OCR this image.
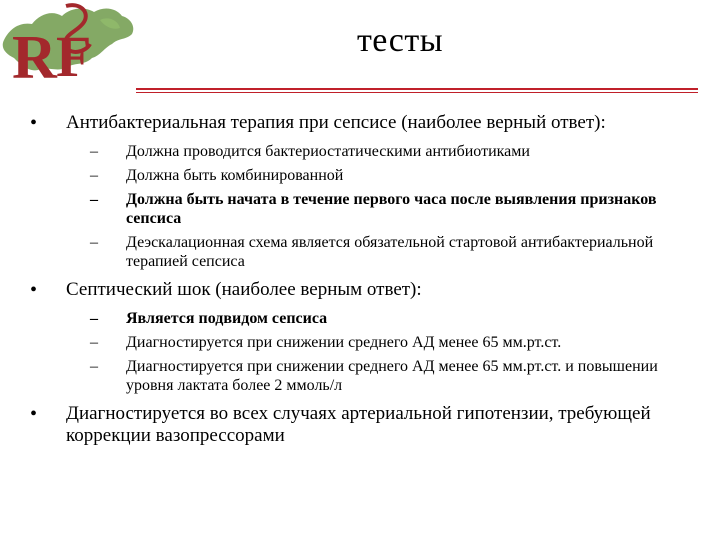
R F	тесты
• Антибактериальная терапия при сепсисе (наиболее верный ответ):
– Должна проводится бактериостатическими антибиотиками
– Должна быть комбинированной
– Должна быть начата в течение первого часа после выявления признаков сепсиса
– Деэскалационная схема является обязательной стартовой антибактериальной терапией сепсиса
• Септический шок (наиболее верным ответ):
– Является подвидом сепсиса
– Диагностируется при снижении среднего АД менее 65 мм.рт.ст.
– Диагностируется при снижении среднего АД менее 65 мм.рт.ст. и повышении уровня лактата более 2 ммоль/л
• Диагностируется во всех случаях артериальной гипотензии, требующей коррекции вазопрессорами
